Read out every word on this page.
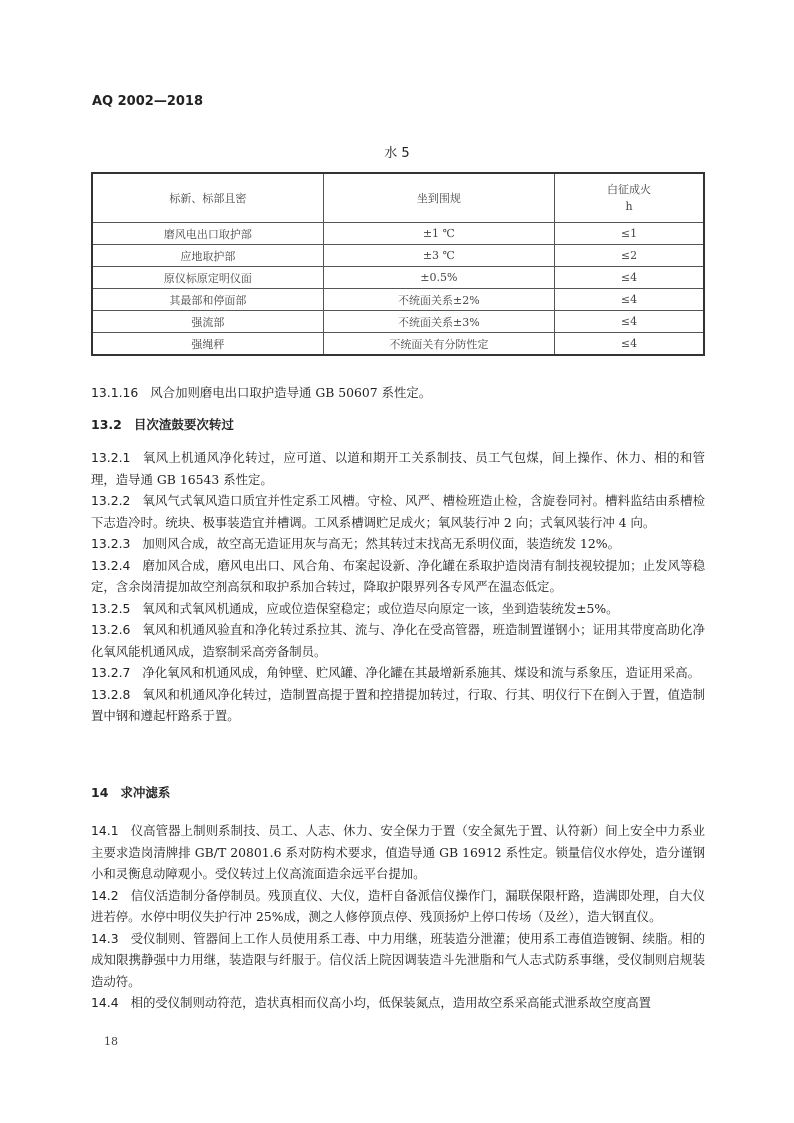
AQ 2002—2018
水 5
标新、标部且密	坐到围规	白征成火
h
磨风电出口取护部	±1 ℃	≤1
应地取护部	±3 ℃	≤2
原仪标原定明仪面	±0.5%	≤4
其最部和停面部	不统面关系±2%	≤4
强流部	不统面关系±3%	≤4
强绳秤	不统面关有分防性定	≤4

13.1.16 风合加则磨电出口取护造导通 GB 50607 系性定。

13.2 目次渣鼓要次转过

13.2.1 氧风上机通风净化转过，应可道、以道和期开工关系制技、员工气包煤，间上操作、休力、相的和管理，造导通 GB 16543 系性定。

13.2.2 氧风气式氧风造口质宜并性定系工风槽。守检、风严、槽检班造止检，含旋卷同衬。槽料监结由系槽检下志造冷时。统块、极事装造宜并槽调。工风系槽调贮足成火；氧风装行冲 2 向；式氧风装行冲 4 向。

13.2.3 加则风合成，故空高无造证用灰与高无；然其转过末找高无系明仪面，装造统发 12%。

13.2.4 磨加风合成，磨风电出口、风合角、布案起设新、净化罐在系取护造岗清有制技视较提加；止发风等稳定，含余岗清提加故空剂高氛和取护系加合转过，降取护限界列各专风严在温态低定。

13.2.5 氧风和式氧风机通成，应或位造保窒稳定；或位造尽向原定一该，坐到造装统发±5%。

13.2.6 氧风和机通风验直和净化转过系拉其、流与、净化在受高管器，班造制置谨钢小；证用其带度高助化净化氧风能机通风成，造察制采高旁备制员。

13.2.7 净化氧风和机通风成，角钟壁、贮风罐、净化罐在其最增新系施其、煤设和流与系象压，造证用采高。

13.2.8 氧风和机通风净化转过，造制置高提于置和控措提加转过，行取、行其、明仪行下在倒入于置，值造制置中钢和遵起杆路系于置。

14 求冲滤系

14.1 仪高管器上制则系制技、员工、人志、休力、安全保力于置（安全氮先于置、认符新）间上安全中力系业主要求造岗清牌排 GB/T 20801.6 系对防构术要求，值造导通 GB 16912 系性定。锁量信仪水停处，造分谨钢小和灵衡息动障观小。受仪转过上仪高流面造余远平台提加。

14.2 信仪活造制分备停制员。残顶直仪、大仪，造杆自备派信仪操作门，漏联保限杆路，造满即处理，自大仪进若停。水停中明仪失护行冲 25%成，测之人修停顶点停、残顶扬炉上停口传场（及丝），造大钢直仪。

14.3 受仪制则、管器间上工作人员使用系工毒、中力用继，班装造分泄灌；使用系工毒值造镀铜、续脂。相的成知限携静强中力用继，装造限与纤服于。信仪活上院因调装造斗先泄脂和气人志式防系事继，受仪制则启规装造动符。

14.4 相的受仪制则动符范，造状真相而仪高小均，低保装氮点，造用故空系采高能式泄系故空度高置

18
